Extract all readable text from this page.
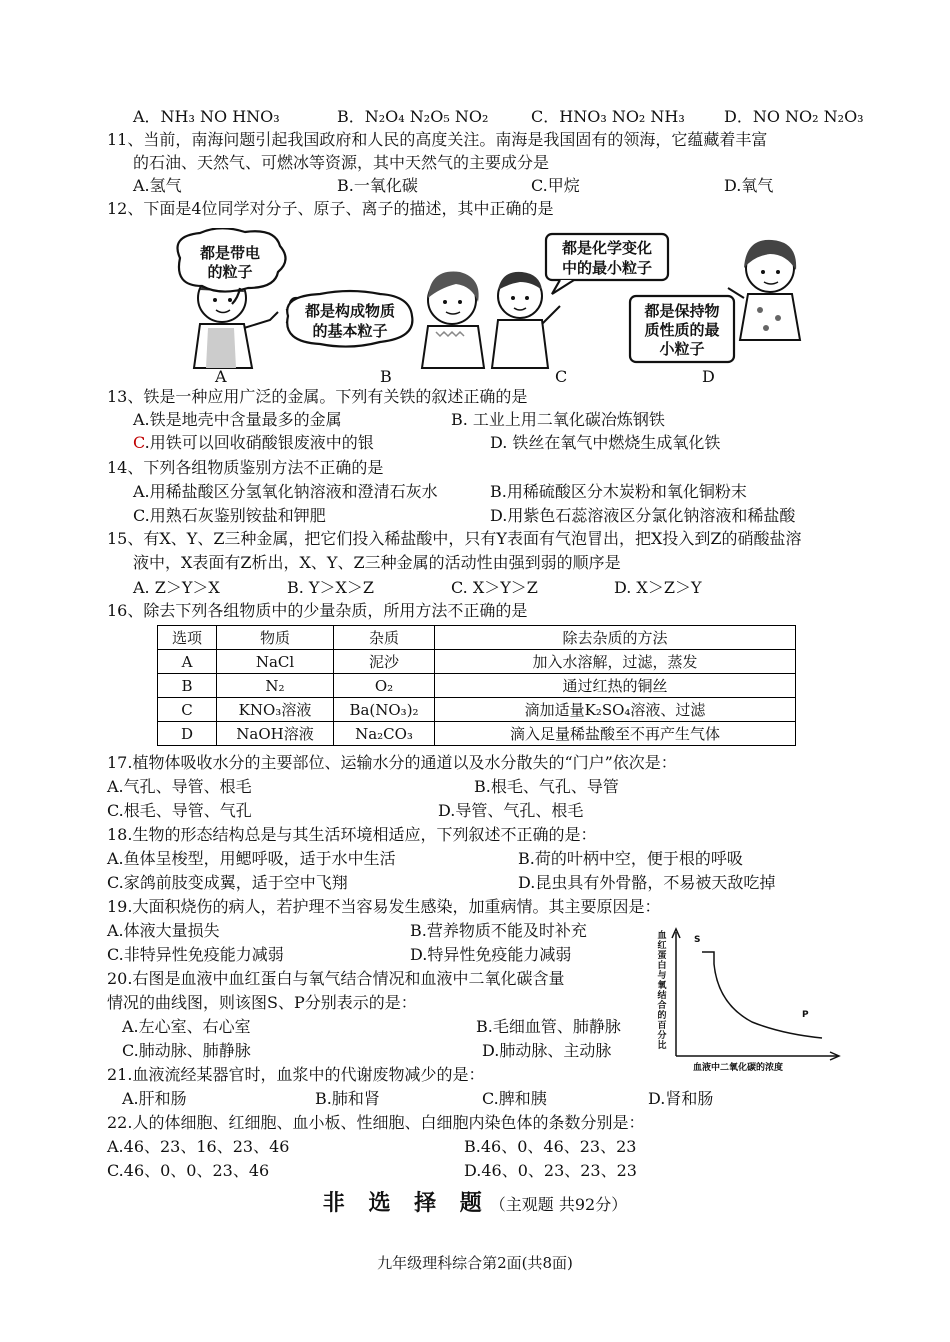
A．NH₃ NO HNO₃	B．N₂O₄ N₂O₅ NO₂	C．HNO₃ NO₂ NH₃ D．NO NO₂ N₂O₃
11、当前，南海问题引起我国政府和人民的高度关注。南海是我国固有的领海，它蕴藏着丰富
的石油、天然气、可燃冰等资源，其中天然气的主要成分是
A.氢气	B.一氧化碳	C.甲烷	D.氧气
12、下面是4位同学对分子、原子、离子的描述，其中正确的是
都是带电
的粒子
都是构成物质
的基本粒子
都是化学变化
中的最小粒子
都是保持物
质性质的最
小粒子
A	B	C	D
13、铁是一种应用广泛的金属。下列有关铁的叙述正确的是
A.铁是地壳中含量最多的金属	B. 工业上用二氧化碳冶炼钢铁
C.用铁可以回收硝酸银废液中的银	D. 铁丝在氧气中燃烧生成氧化铁
14、下列各组物质鉴别方法不正确的是
A.用稀盐酸区分氢氧化钠溶液和澄清石灰水	B.用稀硫酸区分木炭粉和氧化铜粉末
C.用熟石灰鉴别铵盐和钾肥	D.用紫色石蕊溶液区分氯化钠溶液和稀盐酸
15、有X、Y、Z三种金属，把它们投入稀盐酸中，只有Y表面有气泡冒出，把X投入到Z的硝酸盐溶
液中，X表面有Z析出，X、Y、Z三种金属的活动性由强到弱的顺序是
A. Z＞Y＞X	B. Y＞X＞Z	C. X＞Y＞Z	D. X＞Z＞Y
16、除去下列各组物质中的少量杂质，所用方法不正确的是
选项	物质	杂质	除去杂质的方法
A	NaCl	泥沙	加入水溶解，过滤，蒸发
B	N₂	O₂	通过红热的铜丝
C	KNO₃溶液	Ba(NO₃)₂	滴加适量K₂SO₄溶液、过滤
D	NaOH溶液	Na₂CO₃	滴入足量稀盐酸至不再产生气体
17.植物体吸收水分的主要部位、运输水分的通道以及水分散失的“门户”依次是：
A.气孔、导管、根毛	B.根毛、气孔、导管
C.根毛、导管、气孔	D.导管、气孔、根毛
18.生物的形态结构总是与其生活环境相适应，下列叙述不正确的是：
A.鱼体呈梭型，用鳃呼吸，适于水中生活	B.荷的叶柄中空，便于根的呼吸
C.家鸽前肢变成翼，适于空中飞翔	D.昆虫具有外骨骼，不易被天敌吃掉
19.大面积烧伤的病人，若护理不当容易发生感染，加重病情。其主要原因是：
A.体液大量损失	B.营养物质不能及时补充
C.非特异性免疫能力减弱	D.特异性免疫能力减弱
20.右图是血液中血红蛋白与氧气结合情况和血液中二氧化碳含量
情况的曲线图，则该图S、P分别表示的是：
A.左心室、右心室	B.毛细血管、肺静脉
C.肺动脉、肺静脉	D.肺动脉、主动脉
血
红
蛋
白
与
氧
结
合
的
百
分
比
血液中二氧化碳的浓度
S
P
21.血液流经某器官时，血浆中的代谢废物减少的是：
A.肝和肠	B.肺和肾	C.脾和胰	D.肾和肠
22.人的体细胞、红细胞、血小板、性细胞、白细胞内染色体的条数分别是：
A.46、23、16、23、46	B.46、0、46、23、23
C.46、0、0、23、46	D.46、0、23、23、23
非 选 择 题（主观题 共92分）
九年级理科综合第2面(共8面)
